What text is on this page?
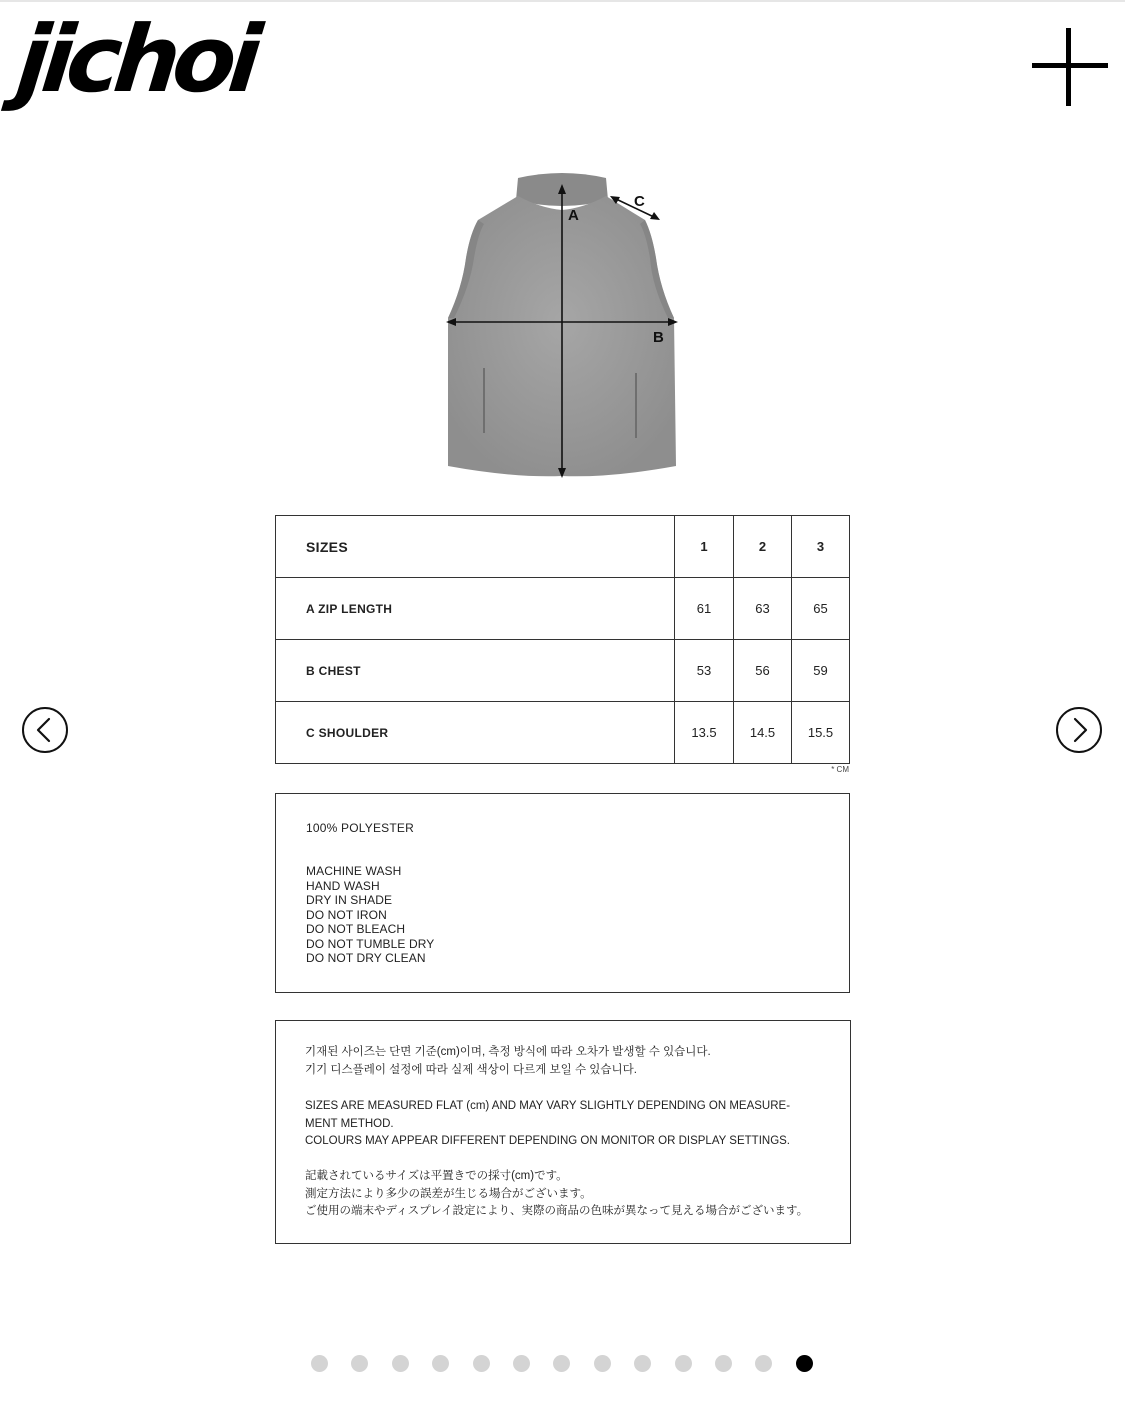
jichoi
A
B
C
SIZES	1	2	3
A ZIP LENGTH	61	63	65
B CHEST	53	56	59
C SHOULDER	13.5	14.5	15.5
* CM
100% POLYESTER
MACHINE WASH
HAND WASH
DRY IN SHADE
DO NOT IRON
DO NOT BLEACH
DO NOT TUMBLE DRY
DO NOT DRY CLEAN
기재된 사이즈는 단면 기준(cm)이며, 측정 방식에 따라 오차가 발생할 수 있습니다.
기기 디스플레이 설정에 따라 실제 색상이 다르게 보일 수 있습니다.
SIZES ARE MEASURED FLAT (cm) AND MAY VARY SLIGHTLY DEPENDING ON MEASURE-
MENT METHOD.
COLOURS MAY APPEAR DIFFERENT DEPENDING ON MONITOR OR DISPLAY SETTINGS.
記載されているサイズは平置きでの採寸(cm)です。
測定方法により多少の誤差が生じる場合がございます。
ご使用の端末やディスプレイ設定により、実際の商品の色味が異なって見える場合がございます。
